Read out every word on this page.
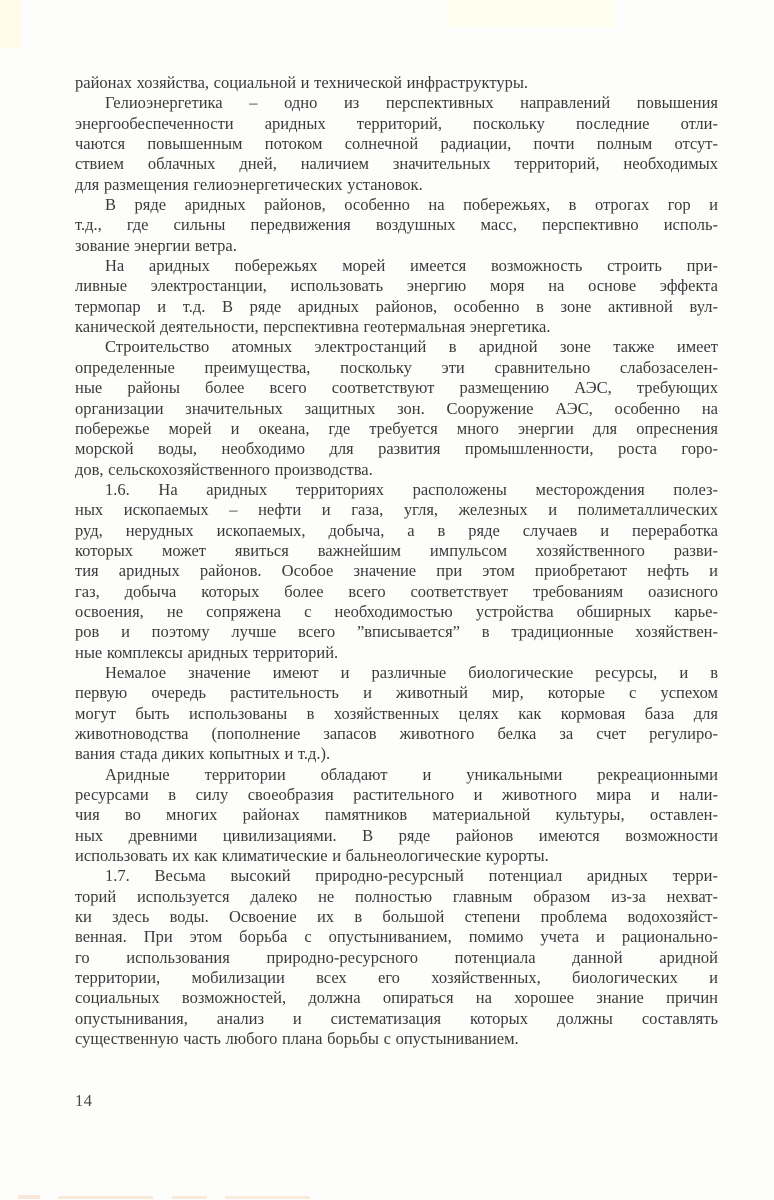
районах хозяйства, социальной и технической инфраструктуры.

Гелиоэнергетика – одно из перспективных направлений повышения
энергообеспеченности аридных территорий, поскольку последние отли-
чаются повышенным потоком солнечной радиации, почти полным отсут-
ствием облачных дней, наличием значительных территорий, необходимых
для размещения гелиоэнергетических установок.

В ряде аридных районов, особенно на побережьях, в отрогах гор и
т.д., где сильны передвижения воздушных масс, перспективно исполь-
зование энергии ветра.

На аридных побережьях морей имеется возможность строить при-
ливные электростанции, использовать энергию моря на основе эффекта
термопар и т.д. В ряде аридных районов, особенно в зоне активной вул-
канической деятельности, перспективна геотермальная энергетика.

Строительство атомных электростанций в аридной зоне также имеет
определенные преимущества, поскольку эти сравнительно слабозаселен-
ные районы более всего соответствуют размещению АЭС, требующих
организации значительных защитных зон. Сооружение АЭС, особенно на
побережье морей и океана, где требуется много энергии для опреснения
морской воды, необходимо для развития промышленности, роста горо-
дов, сельскохозяйственного производства.

1.6. На аридных территориях расположены месторождения полез-
ных ископаемых – нефти и газа, угля, железных и полиметаллических
руд, нерудных ископаемых, добыча, а в ряде случаев и переработка
которых может явиться важнейшим импульсом хозяйственного разви-
тия аридных районов. Особое значение при этом приобретают нефть и
газ, добыча которых более всего соответствует требованиям оазисного
освоения, не сопряжена с необходимостью устройства обширных карье-
ров и поэтому лучше всего ”вписывается” в традиционные хозяйствен-
ные комплексы аридных территорий.

Немалое значение имеют и различные биологические ресурсы, и в
первую очередь растительность и животный мир, которые с успехом
могут быть использованы в хозяйственных целях как кормовая база для
животноводства (пополнение запасов животного белка за счет регулиро-
вания стада диких копытных и т.д.).

Аридные территории обладают и уникальными рекреационными
ресурсами в силу своеобразия растительного и животного мира и нали-
чия во многих районах памятников материальной культуры, оставлен-
ных древними цивилизациями. В ряде районов имеются возможности
использовать их как климатические и бальнеологические курорты.

1.7. Весьма высокий природно-ресурсный потенциал аридных терри-
торий используется далеко не полностью главным образом из-за нехват-
ки здесь воды. Освоение их в большой степени проблема водохозяйст-
венная. При этом борьба с опустыниванием, помимо учета и рационально-
го использования природно-ресурсного потенциала данной аридной
территории, мобилизации всех его хозяйственных, биологических и
социальных возможностей, должна опираться на хорошее знание причин
опустынивания, анализ и систематизация которых должны составлять
существенную часть любого плана борьбы с опустыниванием.

14
